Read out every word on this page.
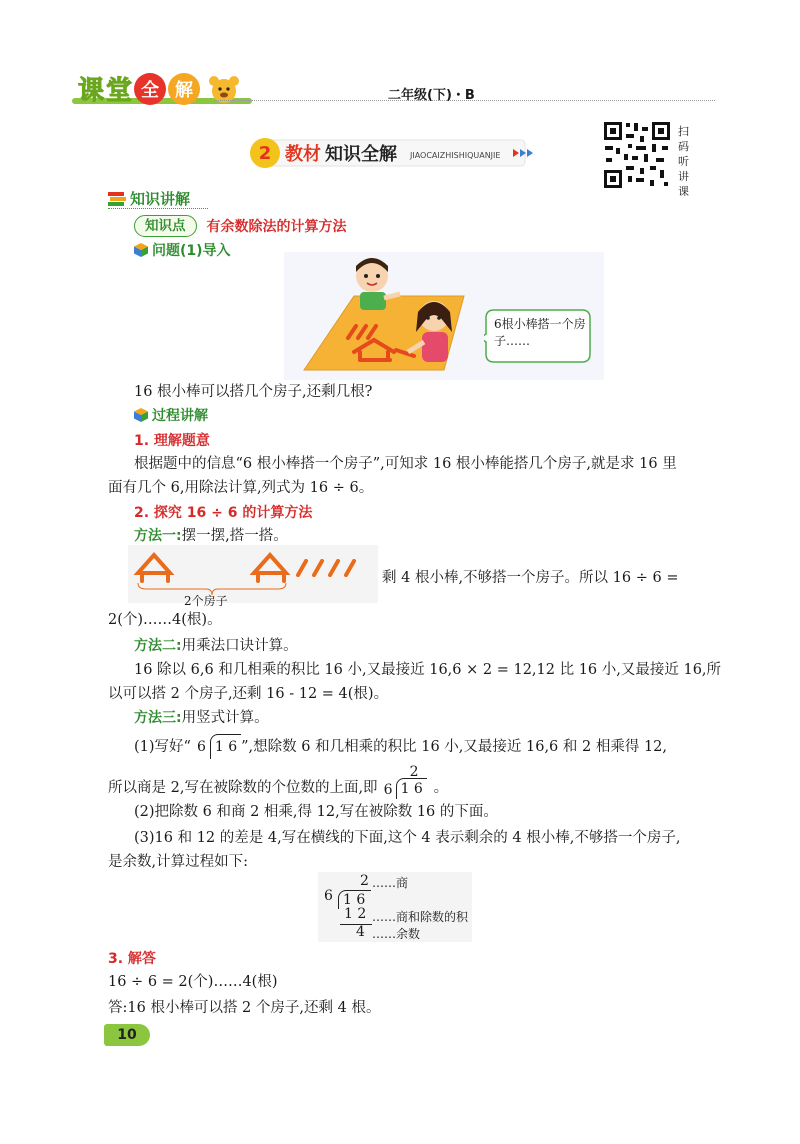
课 堂 全 解	二年级(下)・B
2 教材 知识全解 JIAOCAIZHISHIQUANJIE
扫
码
听
讲
课
知识讲解
知识点	有余数除法的计算方法
问题(1)导入
6根小棒搭一个房子……
16 根小棒可以搭几个房子,还剩几根?
过程讲解
1. 理解题意
根据题中的信息“6 根小棒搭一个房子”,可知求 16 根小棒能搭几个房子,就是求 16 里
面有几个 6,用除法计算,列式为 16 ÷ 6。
2. 探究 16 ÷ 6 的计算方法
方法一:摆一摆,搭一搭。
2个房子
剩 4 根小棒,不够搭一个房子。所以 16 ÷ 6 =
2(个)……4(根)。
方法二:用乘法口诀计算。
16 除以 6,6 和几相乘的积比 16 小,又最接近 16,6 × 2 = 12,12 比 16 小,又最接近 16,所
以可以搭 2 个房子,还剩 16 - 12 = 4(根)。
方法三:用竖式计算。
(1)写好“ 6 1 6 ”,想除数 6 和几相乘的积比 16 小,又最接近 16,6 和 2 相乘得 12,
所以商是 2,写在被除数的个位数的上面,即
2
6 1 6 。
(2)把除数 6 和商 2 相乘,得 12,写在被除数 16 的下面。
(3)16 和 12 的差是 4,写在横线的下面,这个 4 表示剩余的 4 根小棒,不够搭一个房子,
是余数,计算过程如下:
2 ……商
6 1 6
1 2 ……商和除数的积
4 ……余数
3. 解答
16 ÷ 6 = 2(个)……4(根)
答:16 根小棒可以搭 2 个房子,还剩 4 根。
10
